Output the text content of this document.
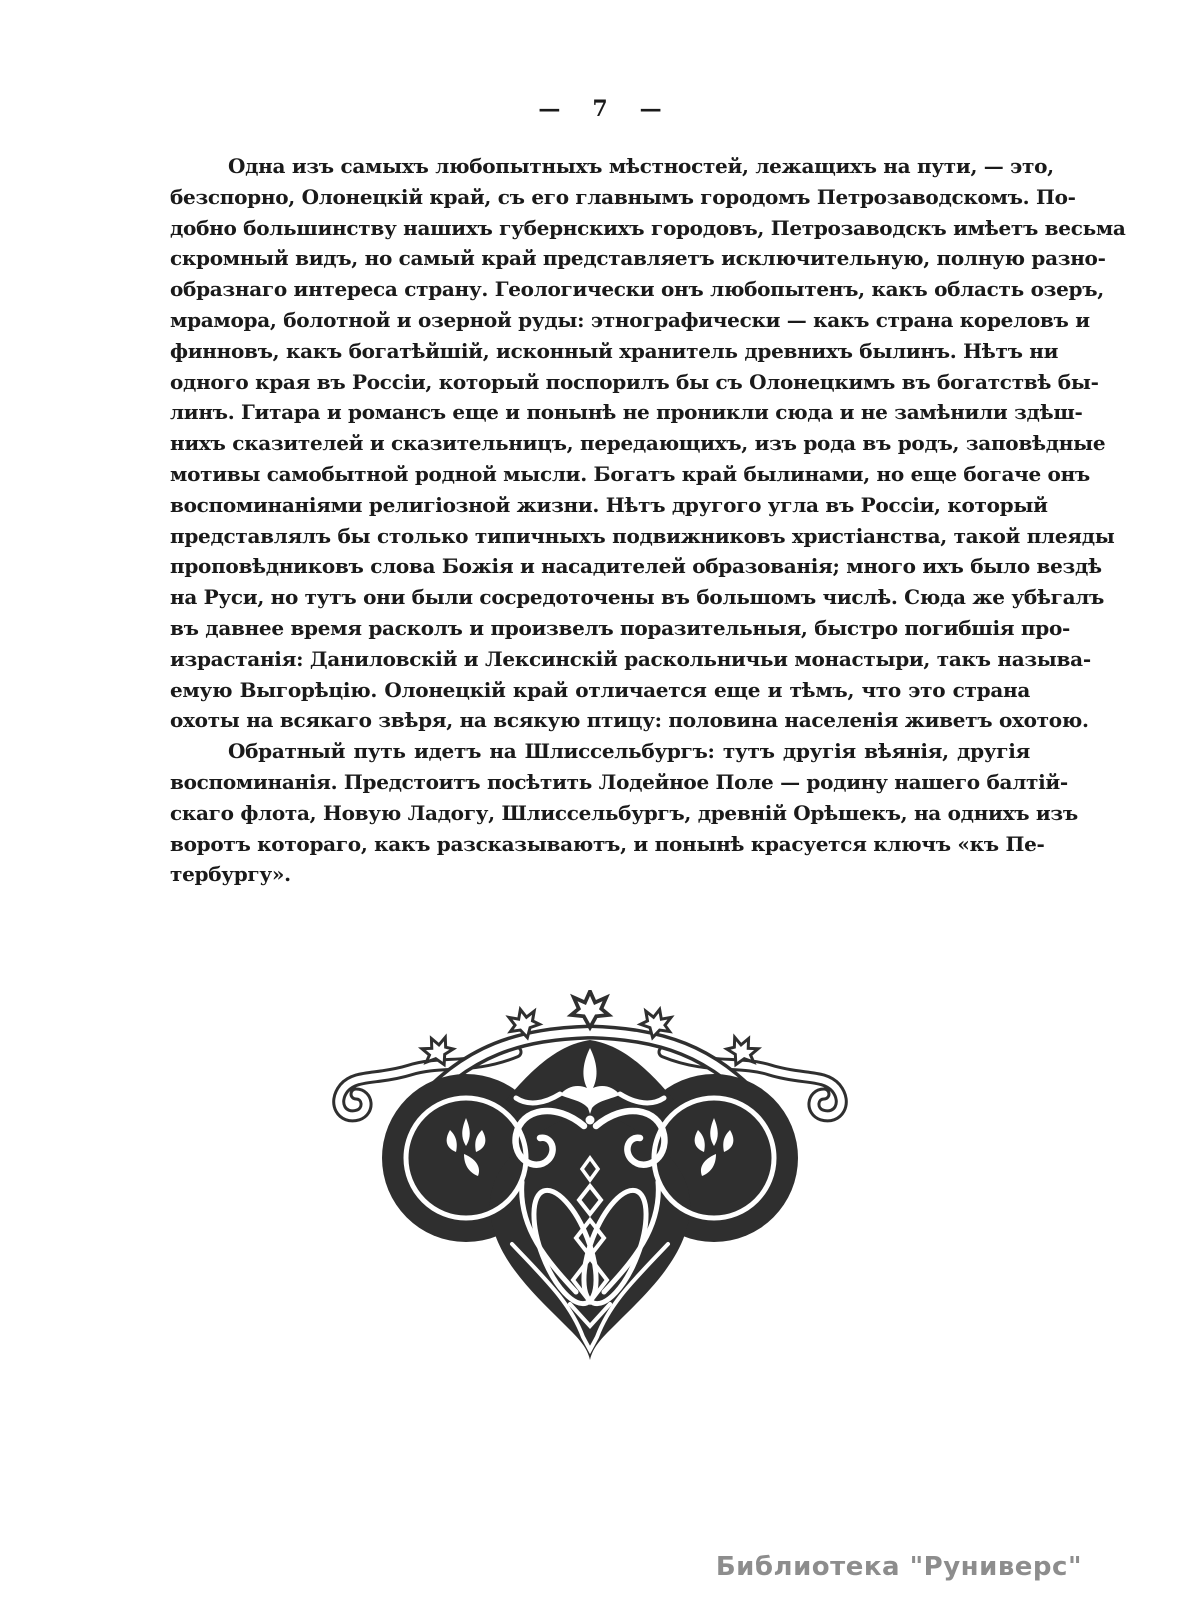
— 7 —
Одна изъ самыхъ любопытныхъ мѣстностей, лежащихъ на пути, — это,
безспорно, Олонецкій край, съ его главнымъ городомъ Петрозаводскомъ. По-
добно большинству нашихъ губернскихъ городовъ, Петрозаводскъ имѣетъ весьма
скромный видъ, но самый край представляетъ исключительную, полную разно-
образнаго интереса страну. Геологически онъ любопытенъ, какъ область озеръ,
мрамора, болотной и озерной руды: этнографически — какъ страна кореловъ и
финновъ, какъ богатѣйшій, исконный хранитель древнихъ былинъ. Нѣтъ ни
одного края въ Россіи, который поспорилъ бы съ Олонецкимъ въ богатствѣ бы-
линъ. Гитара и романсъ еще и понынѣ не проникли сюда и не замѣнили здѣш-
нихъ сказителей и сказительницъ, передающихъ, изъ рода въ родъ, заповѣдные
мотивы самобытной родной мысли. Богатъ край былинами, но еще богаче онъ
воспоминаніями религіозной жизни. Нѣтъ другого угла въ Россіи, который
представлялъ бы столько типичныхъ подвижниковъ христіанства, такой плеяды
проповѣдниковъ слова Божія и насадителей образованія; много ихъ было вездѣ
на Руси, но тутъ они были сосредоточены въ большомъ числѣ. Сюда же убѣгалъ
въ давнее время расколъ и произвелъ поразительныя, быстро погибшія про-
израстанія: Даниловскій и Лексинскій раскольничьи монастыри, такъ называ-
емую Выгорѣцію. Олонецкій край отличается еще и тѣмъ, что это страна
охоты на всякаго звѣря, на всякую птицу: половина населенія живетъ охотою.
Обратный путь идетъ на Шлиссельбургъ: тутъ другія вѣянія, другія
воспоминанія. Предстоитъ посѣтить Лодейное Поле — родину нашего балтій-
скаго флота, Новую Ладогу, Шлиссельбургъ, древній Орѣшекъ, на однихъ изъ
воротъ котораго, какъ разсказываютъ, и понынѣ красуется ключъ «къ Пе-
тербургу».
Библиотека "Руниверс"
